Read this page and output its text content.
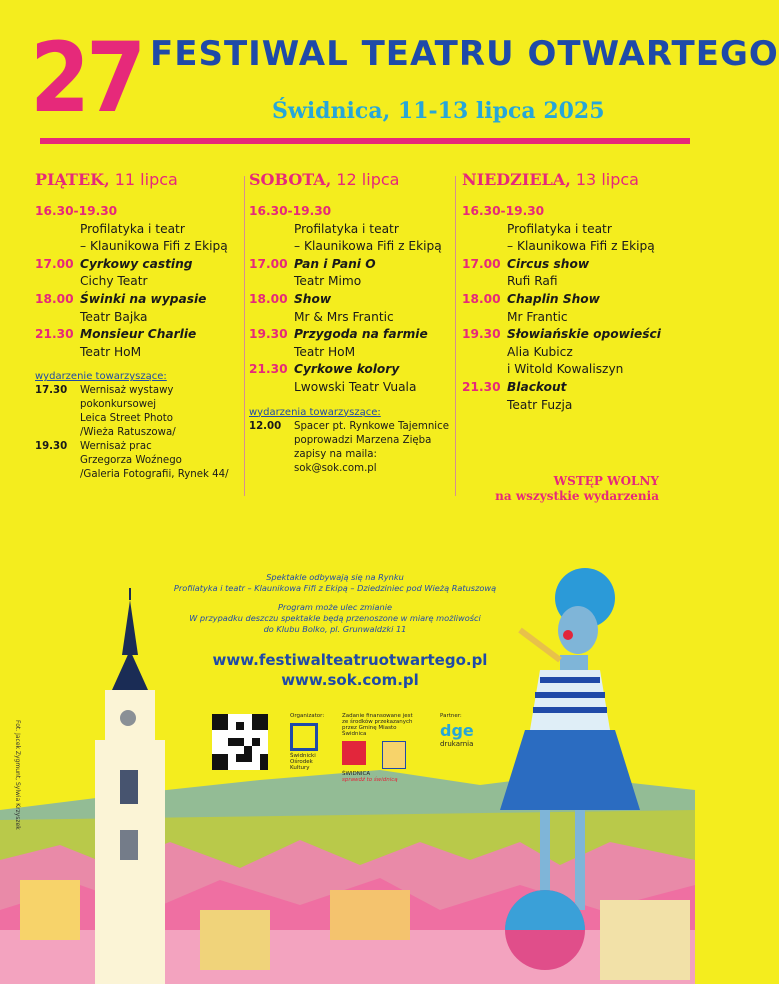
27 FESTIWAL TEATRU OTWARTEGO
Świdnica, 11-13 lipca 2025
PIĄTEK, 11 lipca
16.30-19.30
Profilatyka i teatr
– Klaunikowa Fifi z Ekipą
17.00 Cyrkowy casting
Cichy Teatr
18.00 Świnki na wypasie
Teatr Bajka
21.30 Monsieur Charlie
Teatr HoM
wydarzenie towarzyszące:
17.30	Wernisaż wystawy
pokonkursowej
Leica Street Photo
/Wieża Ratuszowa/
19.30	Wernisaż prac
Grzegorza Woźnego
/Galeria Fotografii, Rynek 44/
SOBOTA, 12 lipca
16.30-19.30
Profilatyka i teatr
– Klaunikowa Fifi z Ekipą
17.00 Pan i Pani O
Teatr Mimo
18.00 Show
Mr & Mrs Frantic
19.30 Przygoda na farmie
Teatr HoM
21.30 Cyrkowe kolory
Lwowski Teatr Vuala
wydarzenia towarzyszące:
12.00	Spacer pt. Rynkowe Tajemnice
poprowadzi Marzena Zięba
zapisy na maila:
sok@sok.com.pl
NIEDZIELA, 13 lipca
16.30-19.30
Profilatyka i teatr
– Klaunikowa Fifi z Ekipą
17.00 Circus show
Rufi Rafi
18.00 Chaplin Show
Mr Frantic
19.30 Słowiańskie opowieści
Alia Kubicz
i Witold Kowaliszyn
21.30 Blackout
Teatr Fuzja
WSTĘP WOLNY
na wszystkie wydarzenia
Spektakle odbywają się na Rynku
Profilatyka i teatr – Klaunikowa Fifi z Ekipą – Dziedziniec pod Wieżą Ratuszową
Program może ulec zmianie
W przypadku deszczu spektakle będą przenoszone w miarę możliwości
do Klubu Bolko, pl. Grunwaldzki 11
www.festiwalteatruotwartego.pl
www.sok.com.pl
Fot. Jacek Zygmunt, Sylwia Krzyszek
Organizator:
Świdnicki Ośrodek Kultury
Zadanie finansowane jest ze środków przekazanych przez Gminę Miasto Świdnica
ŚWIDNICA
sprawdź to świdnicą
Partner:
dge
drukarnia
